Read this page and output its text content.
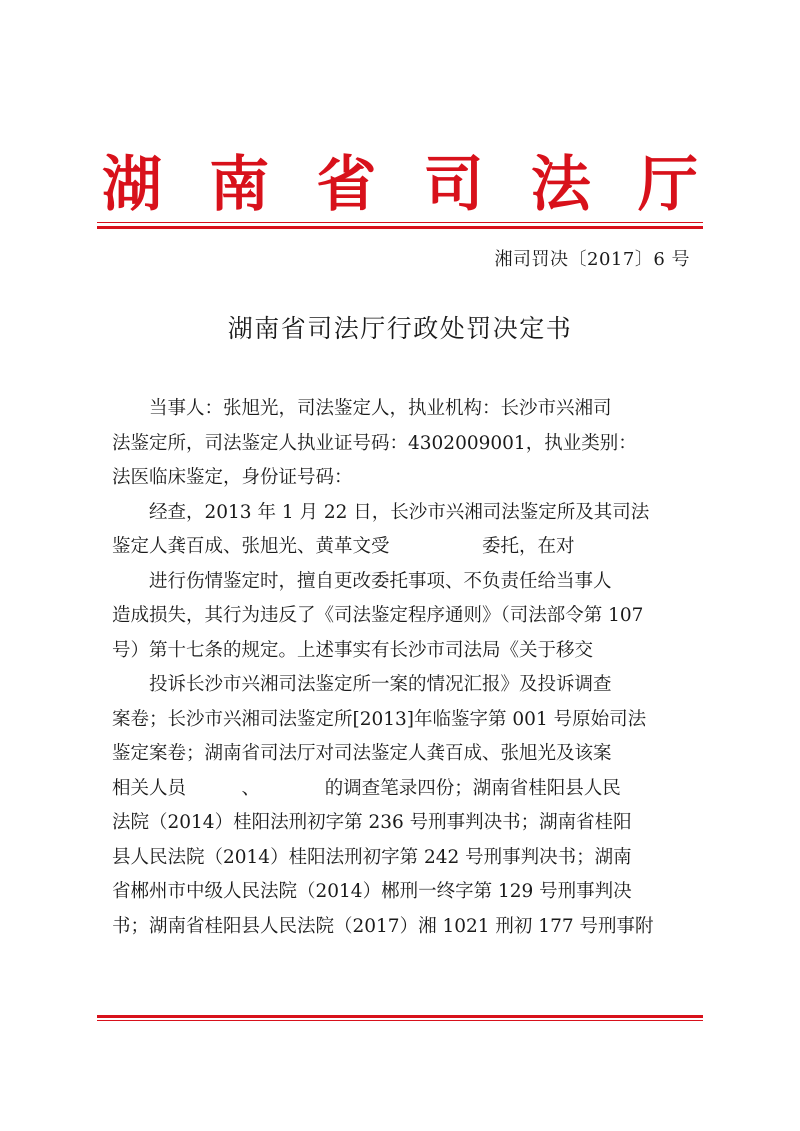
湖 南 省 司 法 厅
湘司罚决〔2017〕6 号
湖南省司法厅行政处罚决定书
　　当事人：张旭光，司法鉴定人，执业机构：长沙市兴湘司
法鉴定所，司法鉴定人执业证号码：4302009001，执业类别：
法医临床鉴定，身份证号码：
　　经查，2013 年 1 月 22 日，长沙市兴湘司法鉴定所及其司法
鉴定人龚百成、张旭光、黄革文受　　　　　委托，在对
　　进行伤情鉴定时，擅自更改委托事项、不负责任给当事人
造成损失，其行为违反了《司法鉴定程序通则》（司法部令第 107
号）第十七条的规定。上述事实有长沙市司法局《关于移交
　　投诉长沙市兴湘司法鉴定所一案的情况汇报》及投诉调查
案卷；长沙市兴湘司法鉴定所[2013]年临鉴字第 001 号原始司法
鉴定案卷；湖南省司法厅对司法鉴定人龚百成、张旭光及该案
相关人员　　　、　　　　的调查笔录四份；湖南省桂阳县人民
法院（2014）桂阳法刑初字第 236 号刑事判决书；湖南省桂阳
县人民法院（2014）桂阳法刑初字第 242 号刑事判决书；湖南
省郴州市中级人民法院（2014）郴刑一终字第 129 号刑事判决
书；湖南省桂阳县人民法院（2017）湘 1021 刑初 177 号刑事附
